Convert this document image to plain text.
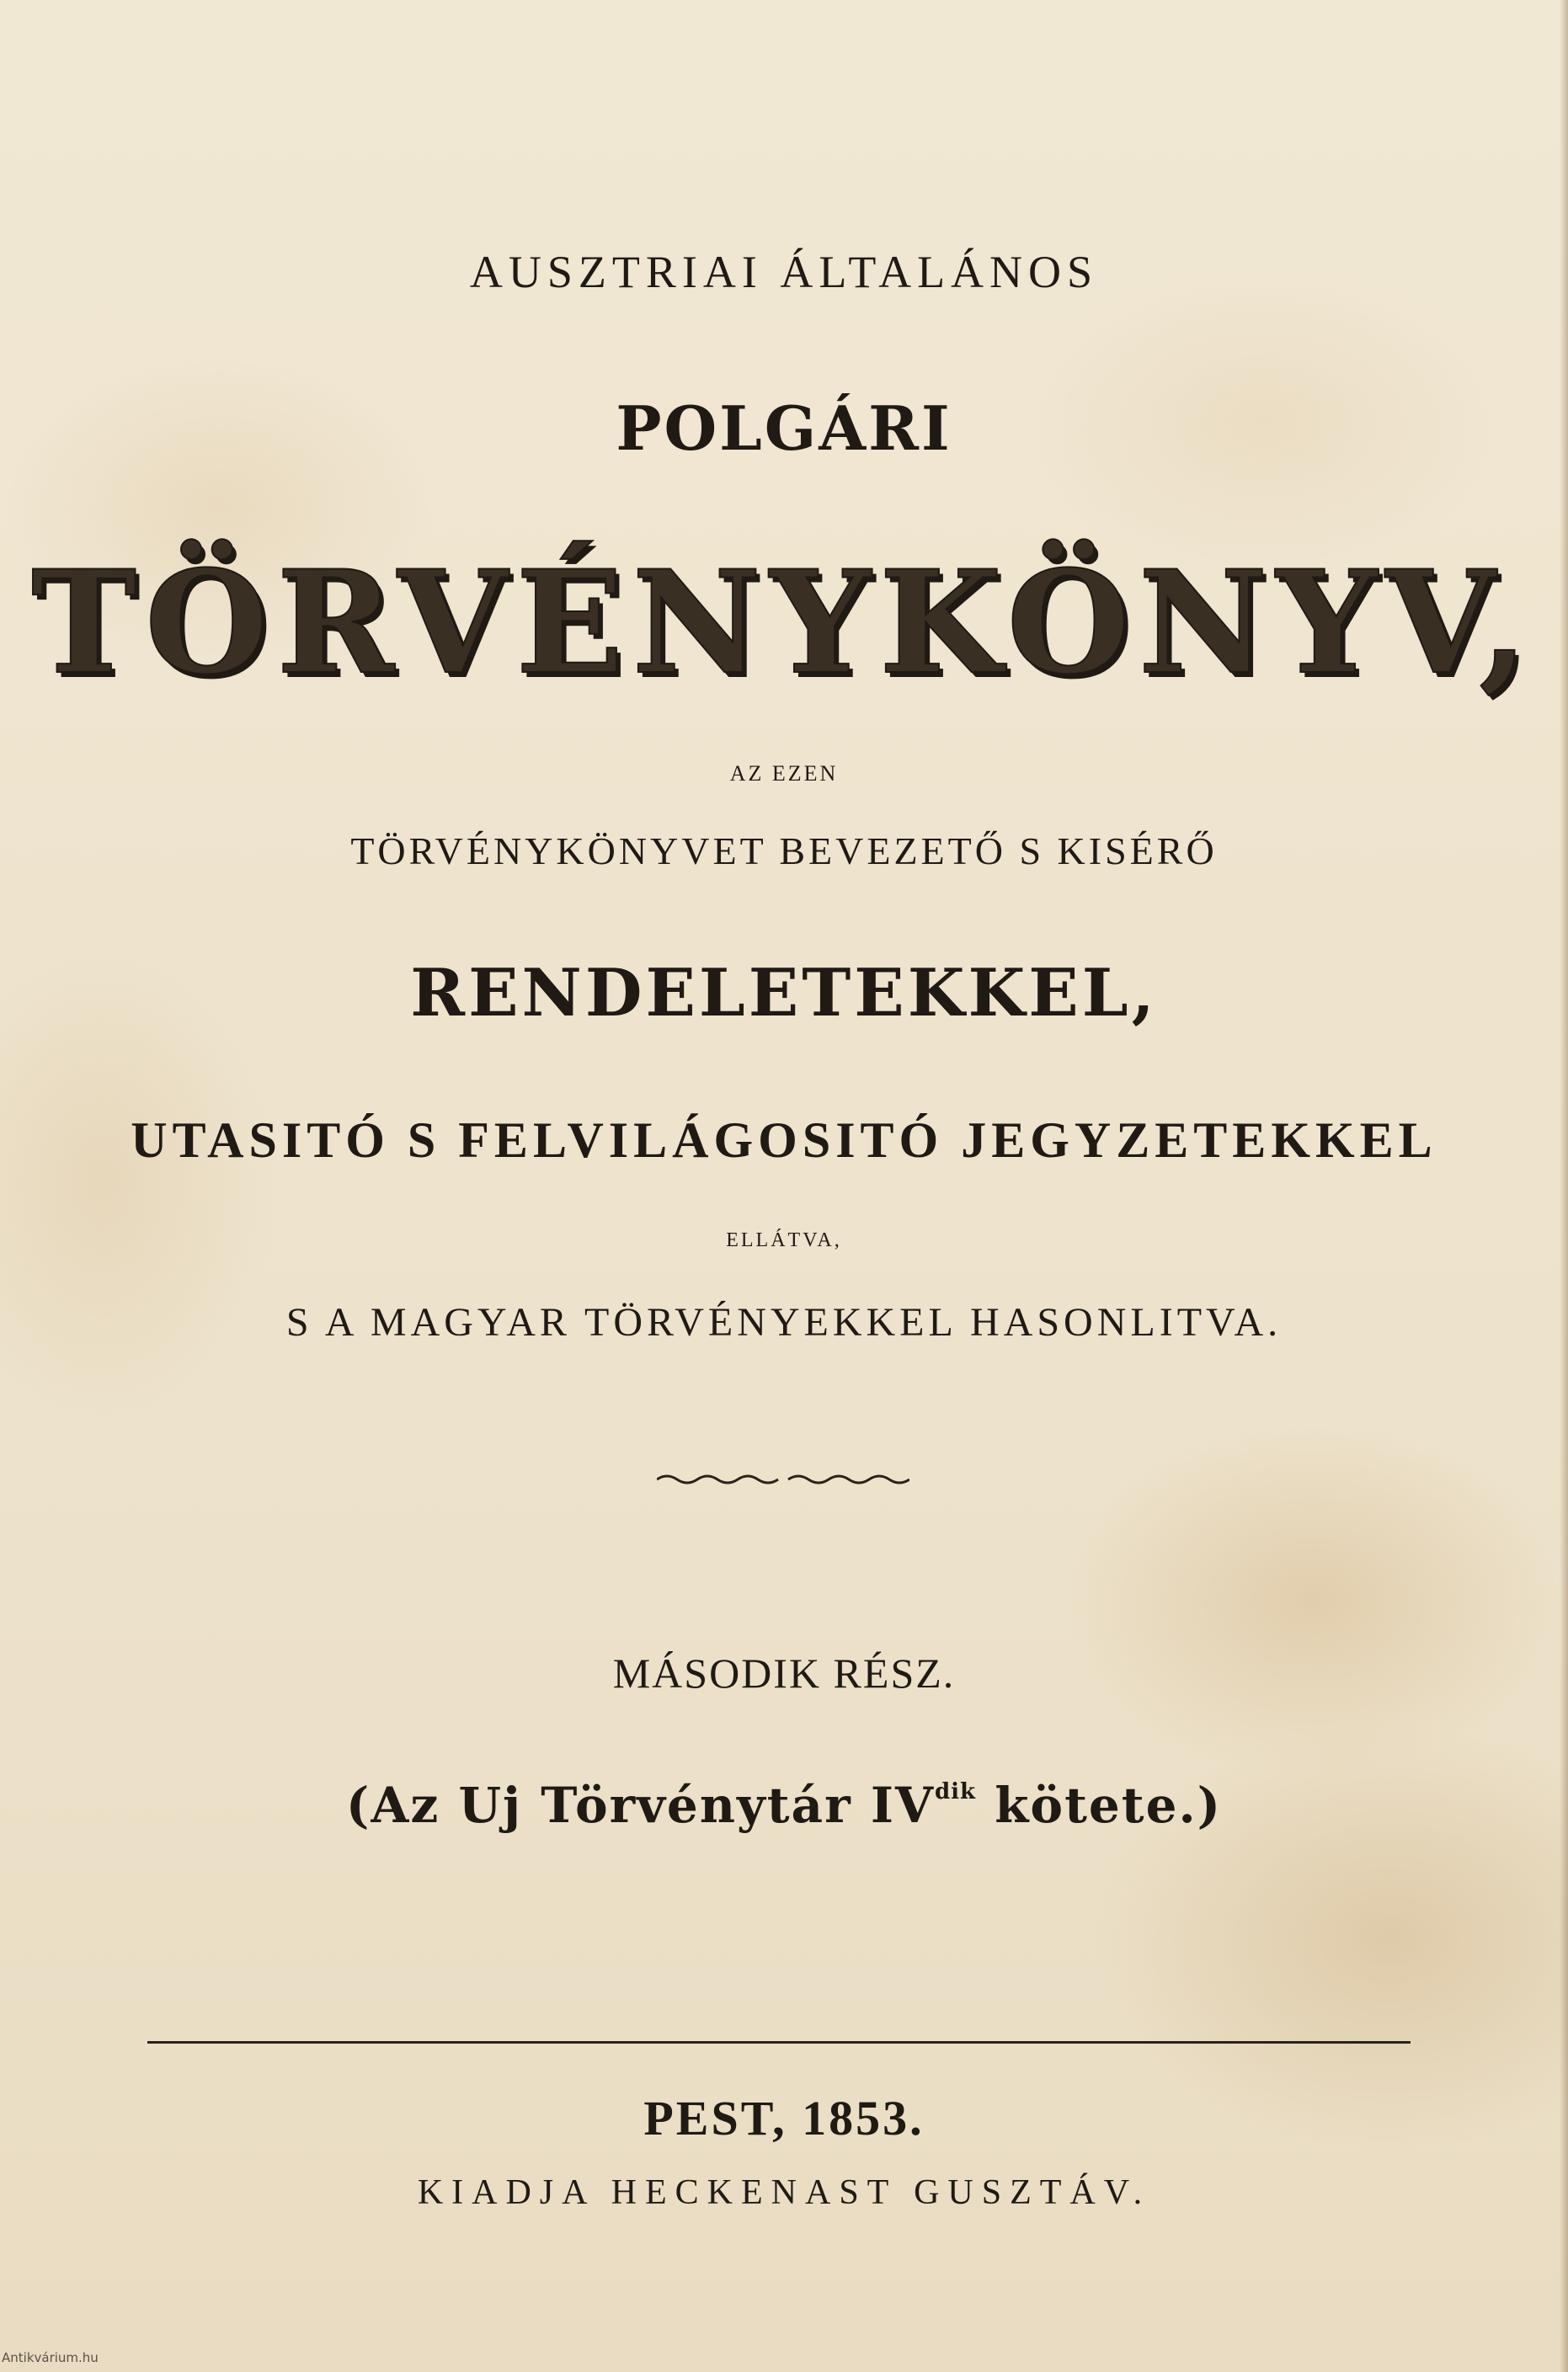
AUSZTRIAI ÁLTALÁNOS
POLGÁRI
TÖRVÉNYKÖNYV,
AZ EZEN
TÖRVÉNYKÖNYVET BEVEZETŐ S KISÉRŐ
RENDELETEKKEL,
UTASITÓ S FELVILÁGOSITÓ JEGYZETEKKEL
ELLÁTVA,
S A MAGYAR TÖRVÉNYEKKEL HASONLITVA.
MÁSODIK RÉSZ.
(Az Uj Törvénytár $IV^{dik}$ kötete.)
PEST, 1853.
KIADJA HECKENAST GUSZTÁV.
Antikvárium.hu
